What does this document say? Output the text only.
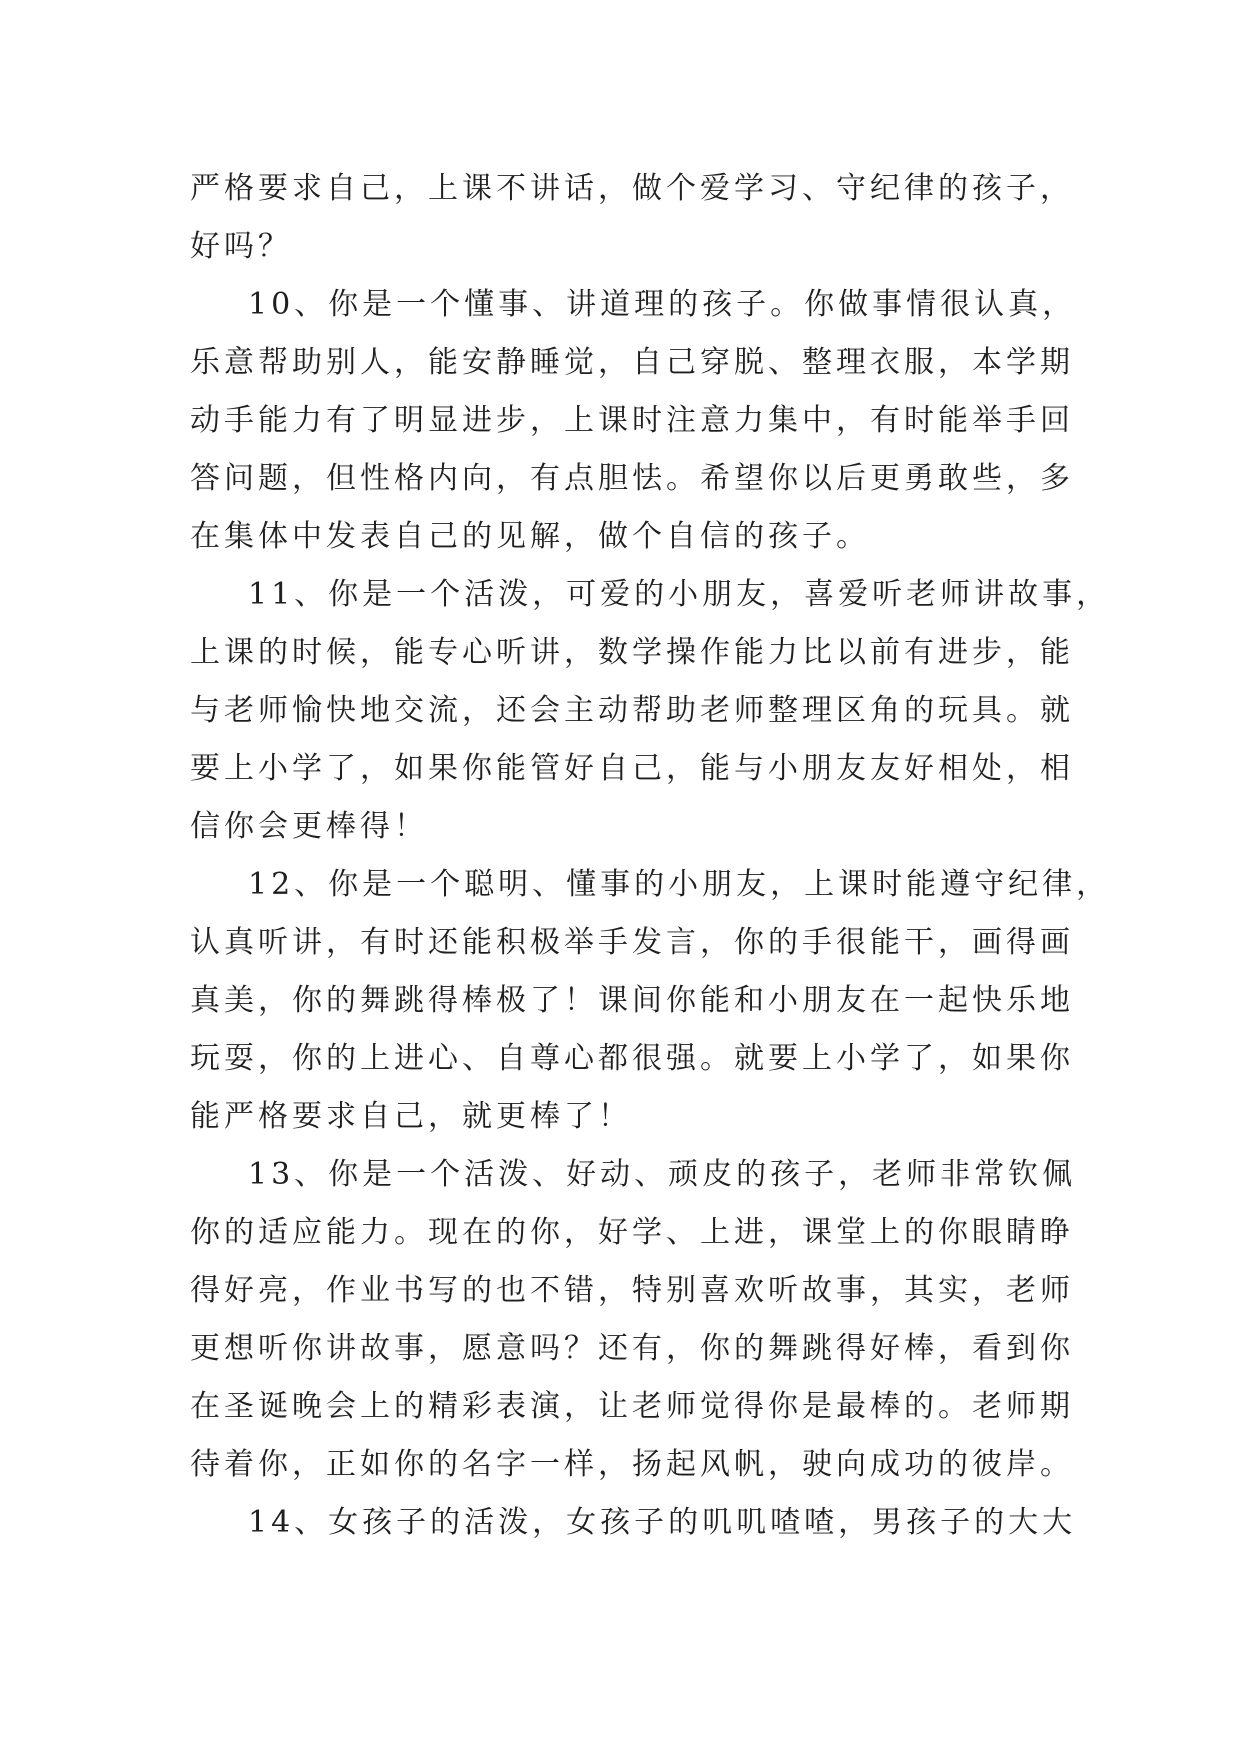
严格要求自己，上课不讲话，做个爱学习、守纪律的孩子，
好吗？
10、你是一个懂事、讲道理的孩子。你做事情很认真，
乐意帮助别人，能安静睡觉，自己穿脱、整理衣服，本学期
动手能力有了明显进步，上课时注意力集中，有时能举手回
答问题，但性格内向，有点胆怯。希望你以后更勇敢些，多
在集体中发表自己的见解，做个自信的孩子。
11、你是一个活泼，可爱的小朋友，喜爱听老师讲故事，
上课的时候，能专心听讲，数学操作能力比以前有进步，能
与老师愉快地交流，还会主动帮助老师整理区角的玩具。就
要上小学了，如果你能管好自己，能与小朋友友好相处，相
信你会更棒得！
12、你是一个聪明、懂事的小朋友，上课时能遵守纪律，
认真听讲，有时还能积极举手发言，你的手很能干，画得画
真美，你的舞跳得棒极了！课间你能和小朋友在一起快乐地
玩耍，你的上进心、自尊心都很强。就要上小学了，如果你
能严格要求自己，就更棒了！
13、你是一个活泼、好动、顽皮的孩子，老师非常钦佩
你的适应能力。现在的你，好学、上进，课堂上的你眼睛睁
得好亮，作业书写的也不错，特别喜欢听故事，其实，老师
更想听你讲故事，愿意吗？还有，你的舞跳得好棒，看到你
在圣诞晚会上的精彩表演，让老师觉得你是最棒的。老师期
待着你，正如你的名字一样，扬起风帆，驶向成功的彼岸。
14、女孩子的活泼，女孩子的叽叽喳喳，男孩子的大大
